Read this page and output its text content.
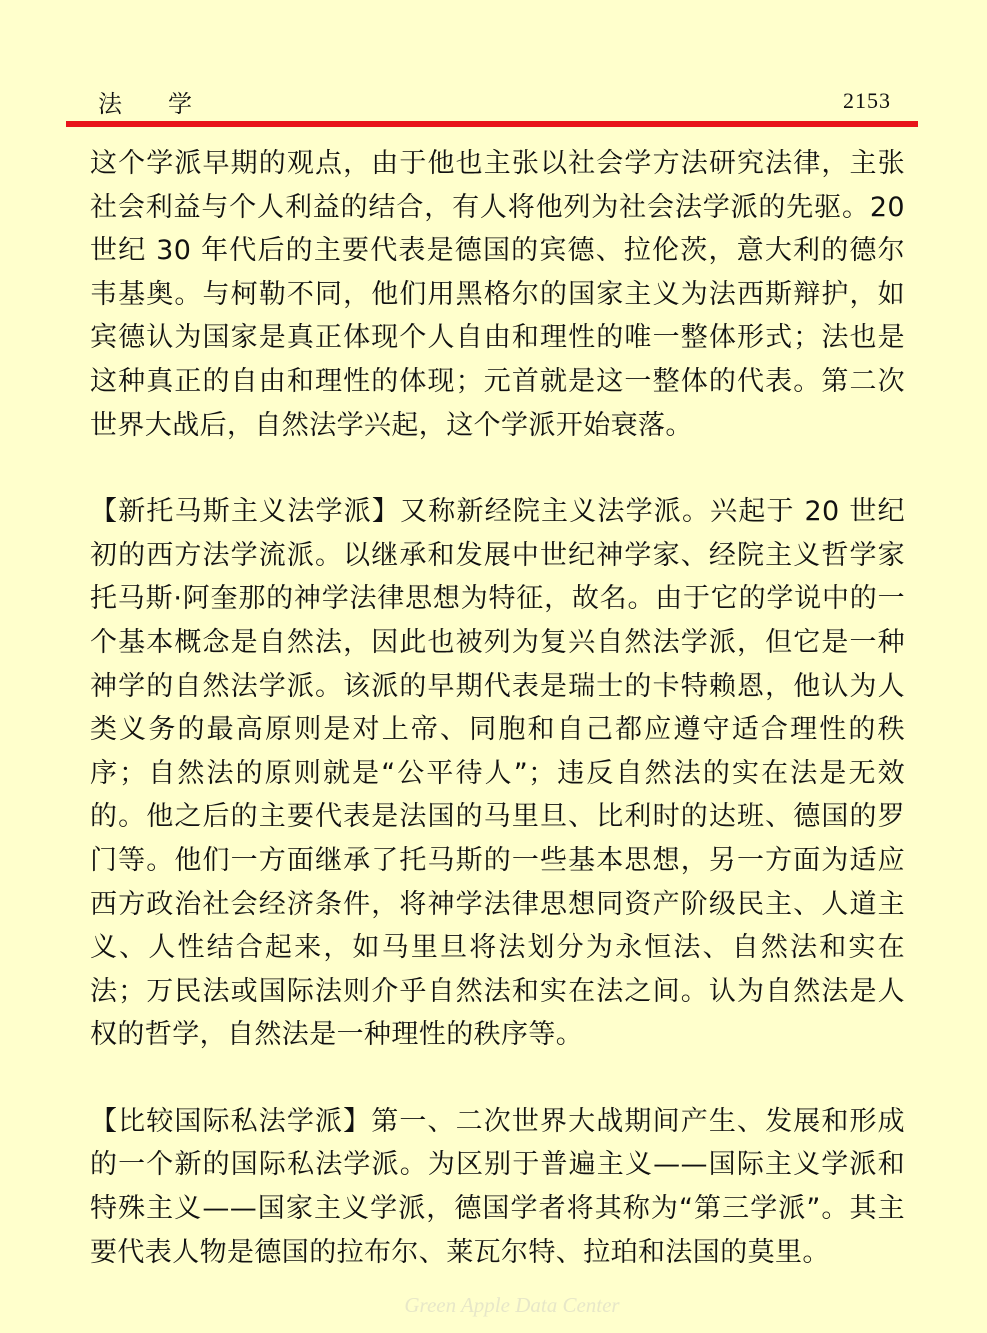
法学	2153

这个学派早期的观点，由于他也主张以社会学方法研究法律，主张社会利益与个人利益的结合，有人将他列为社会法学派的先驱。20 世纪 30 年代后的主要代表是德国的宾德、拉伦茨，意大利的德尔韦基奥。与柯勒不同，他们用黑格尔的国家主义为法西斯辩护，如宾德认为国家是真正体现个人自由和理性的唯一整体形式；法也是这种真正的自由和理性的体现；元首就是这一整体的代表。第二次世界大战后，自然法学兴起，这个学派开始衰落。

【新托马斯主义法学派】又称新经院主义法学派。兴起于 20 世纪初的西方法学流派。以继承和发展中世纪神学家、经院主义哲学家托马斯·阿奎那的神学法律思想为特征，故名。由于它的学说中的一个基本概念是自然法，因此也被列为复兴自然法学派，但它是一种神学的自然法学派。该派的早期代表是瑞士的卡特赖恩，他认为人类义务的最高原则是对上帝、同胞和自己都应遵守适合理性的秩序；自然法的原则就是“公平待人”；违反自然法的实在法是无效的。他之后的主要代表是法国的马里旦、比利时的达班、德国的罗门等。他们一方面继承了托马斯的一些基本思想，另一方面为适应西方政治社会经济条件，将神学法律思想同资产阶级民主、人道主义、人性结合起来，如马里旦将法划分为永恒法、自然法和实在法；万民法或国际法则介乎自然法和实在法之间。认为自然法是人权的哲学，自然法是一种理性的秩序等。

【比较国际私法学派】第一、二次世界大战期间产生、发展和形成的一个新的国际私法学派。为区别于普遍主义——国际主义学派和特殊主义——国家主义学派，德国学者将其称为“第三学派”。其主要代表人物是德国的拉布尔、莱瓦尔特、拉珀和法国的莫里。

Green Apple Data Center
